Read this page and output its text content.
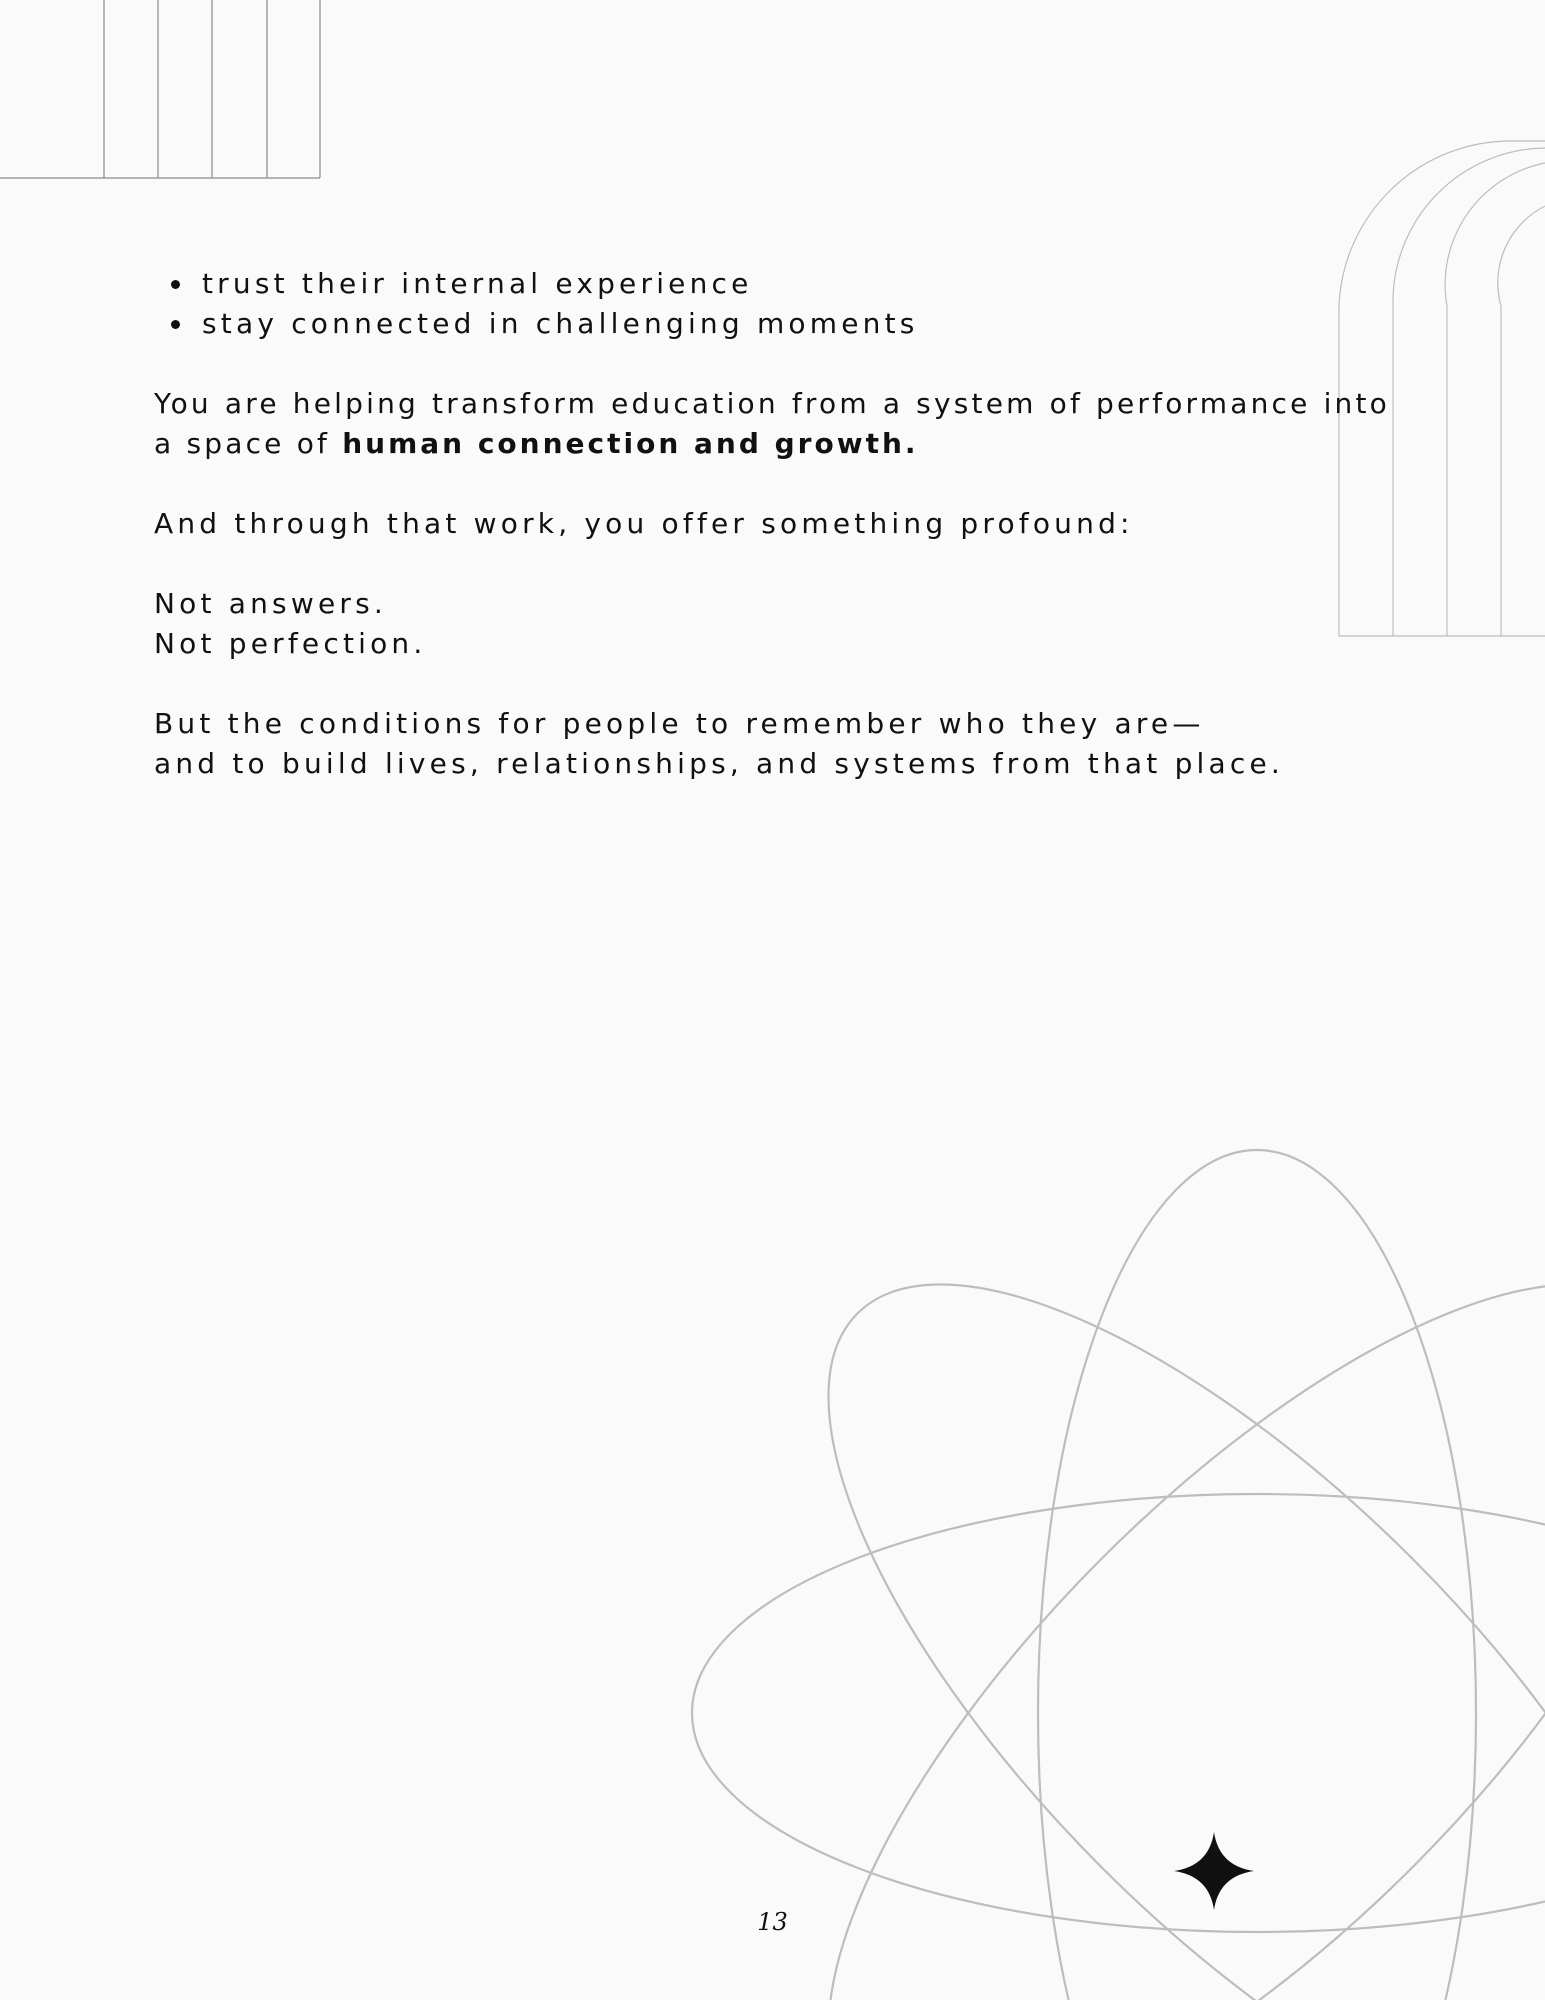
trust their internal experience
stay connected in challenging moments

You are helping transform education from a system of performance into a space of human connection and growth.

And through that work, you offer something profound:

Not answers.
Not perfection.

But the conditions for people to remember who they are—
and to build lives, relationships, and systems from that place.

13
